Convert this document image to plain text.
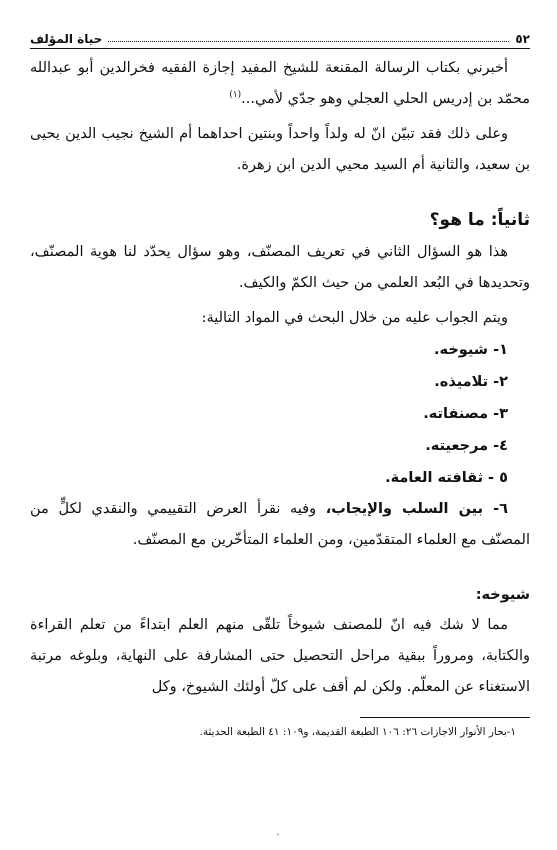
٥٢
حياة المؤلف

أخبرني بكتاب الرسالة المقنعة للشيخ المفيد إجازة الفقيه فخرالدين أبو عبدالله محمّد بن إدريس الحلي العجلي وهو جدّي لأمي...$^{(١)}$

وعلى ذلك فقد تبيّن انّ له ولداً واحداً وبنتين احداهما أم الشيخ نجيب الدين يحيى بن سعيد، والثانية أم السيد محيي الدين ابن زهرة.

ثانياً: ما هو؟

هذا هو السؤال الثاني في تعريف المصنّف، وهو سؤال يحدّد لنا هوية المصنّف، وتحديدها في البُعد العلمي من حيث الكمّ والكيف.

ويتم الجواب عليه من خلال البحث في المواد التالية:

١- شيوخه.
٢- تلاميذه.
٣- مصنفاته.
٤- مرجعيته.
٥ - ثقافته العامة.

٦- بين السلب والإيجاب، وفيه نقرأ العرض التقييمي والنقدي لكلٍّ من المصنّف مع العلماء المتقدّمين، ومن العلماء المتأخّرين مع المصنّف.

شيوخه:

مما لا شك فيه انّ للمصنف شيوخاً تلقّى منهم العلم ابتداءً من تعلم القراءة والكتابة، ومروراً ببقية مراحل التحصيل حتى المشارفة على النهاية، وبلوغه مرتبة الاستغناء عن المعلّم. ولكن لم أقف على كلّ أولئك الشيوخ، وكل

١-بحار الأنوار الاجازات ٢٦: ١٠٦ الطبعة القديمة، و١٠٩: ٤١ الطبعة الحديثة.
ˋ
